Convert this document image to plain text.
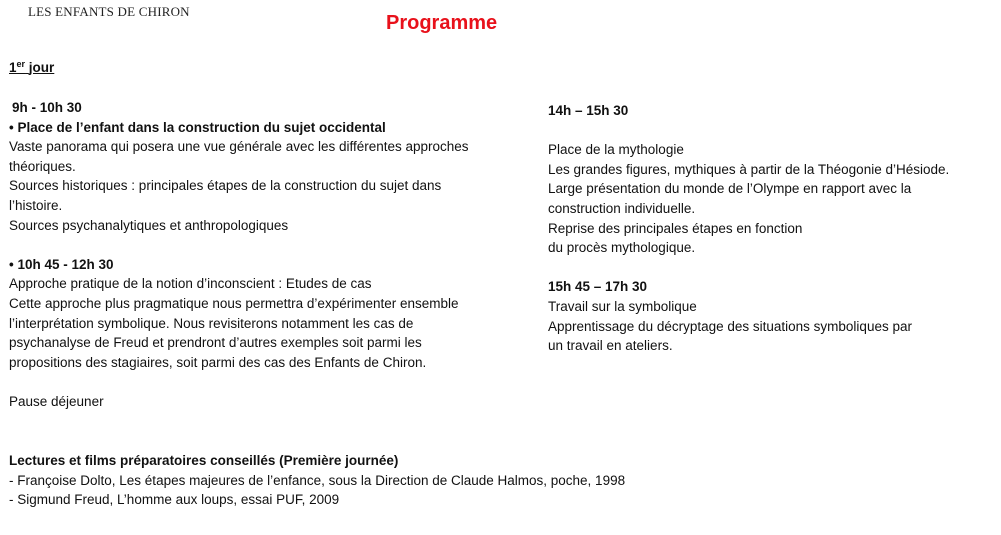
LES ENFANTS DE CHIRON
Programme
1er jour
9h - 10h 30
• Place de l’enfant dans la construction du sujet occidental
Vaste panorama qui posera une vue générale avec les différentes approches
théoriques.
Sources historiques : principales étapes de la construction du sujet dans
l’histoire.
Sources psychanalytiques et anthropologiques
• 10h 45 - 12h 30
Approche pratique de la notion d’inconscient : Etudes de cas
Cette approche plus pragmatique nous permettra d’expérimenter ensemble
l’interprétation symbolique. Nous revisiterons notamment les cas de
psychanalyse de Freud et prendront d’autres exemples soit parmi les
propositions des stagiaires, soit parmi des cas des Enfants de Chiron.
Pause déjeuner
14h – 15h 30
Place de la mythologie
Les grandes figures, mythiques à partir de la Théogonie d’Hésiode.
Large présentation du monde de l’Olympe en rapport avec la
construction individuelle.
Reprise des principales étapes en fonction
du procès mythologique.
15h 45 – 17h 30
Travail sur la symbolique
Apprentissage du décryptage des situations symboliques par
un travail en ateliers.
Lectures et films préparatoires conseillés (Première journée)
- Françoise Dolto, Les étapes majeures de l’enfance, sous la Direction de Claude Halmos, poche, 1998
- Sigmund Freud, L’homme aux loups, essai PUF, 2009
